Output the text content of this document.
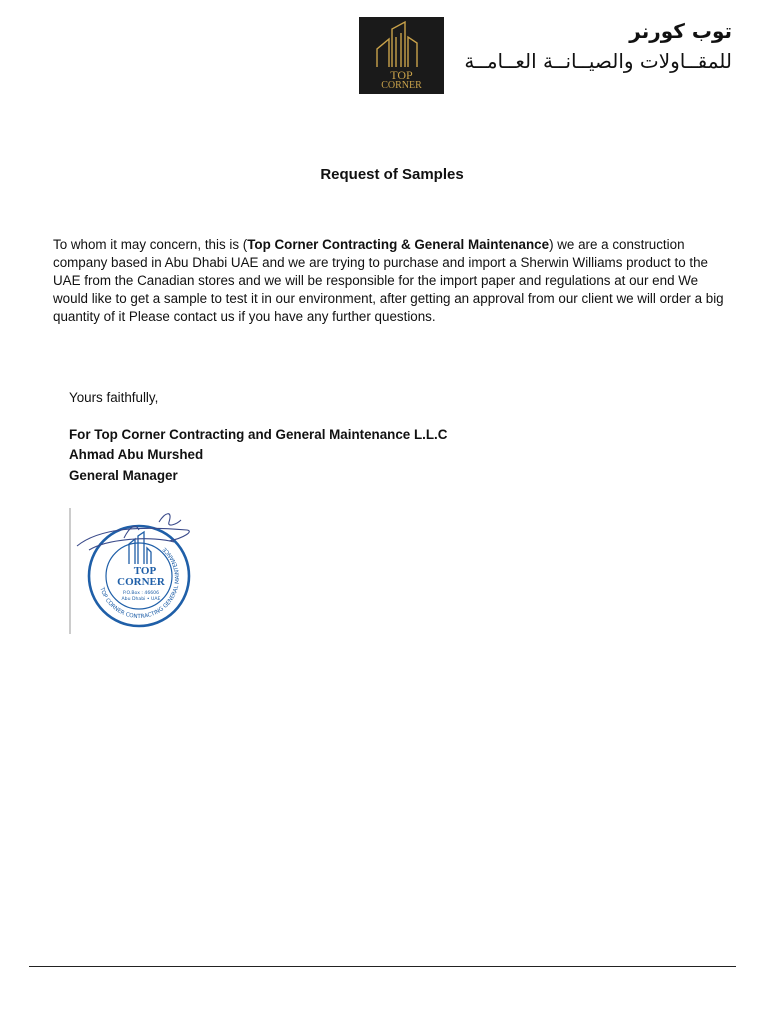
TOP
CORNER
توب كورنر
للمقــاولات والصيــانــة العــامــة
Request of Samples

To whom it may concern, this is (Top Corner Contracting & General Maintenance) we are a construction company based in Abu Dhabi UAE and we are trying to purchase and import a Sherwin Williams product to the UAE from the Canadian stores and we will be responsible for the import paper and regulations at our end We would like to get a sample to test it in our environment, after getting an approval from our client we will order a big quantity of it Please contact us if you have any further questions.

Yours faithfully,
For Top Corner Contracting and General Maintenance L.L.C
Ahmad Abu Murshed
General Manager
TOP CORNER CONTRACTING GENERAL MAINTENANCE
TOP
CORNER
P.O.Box : 46606
Abu Dhabi • UAE
